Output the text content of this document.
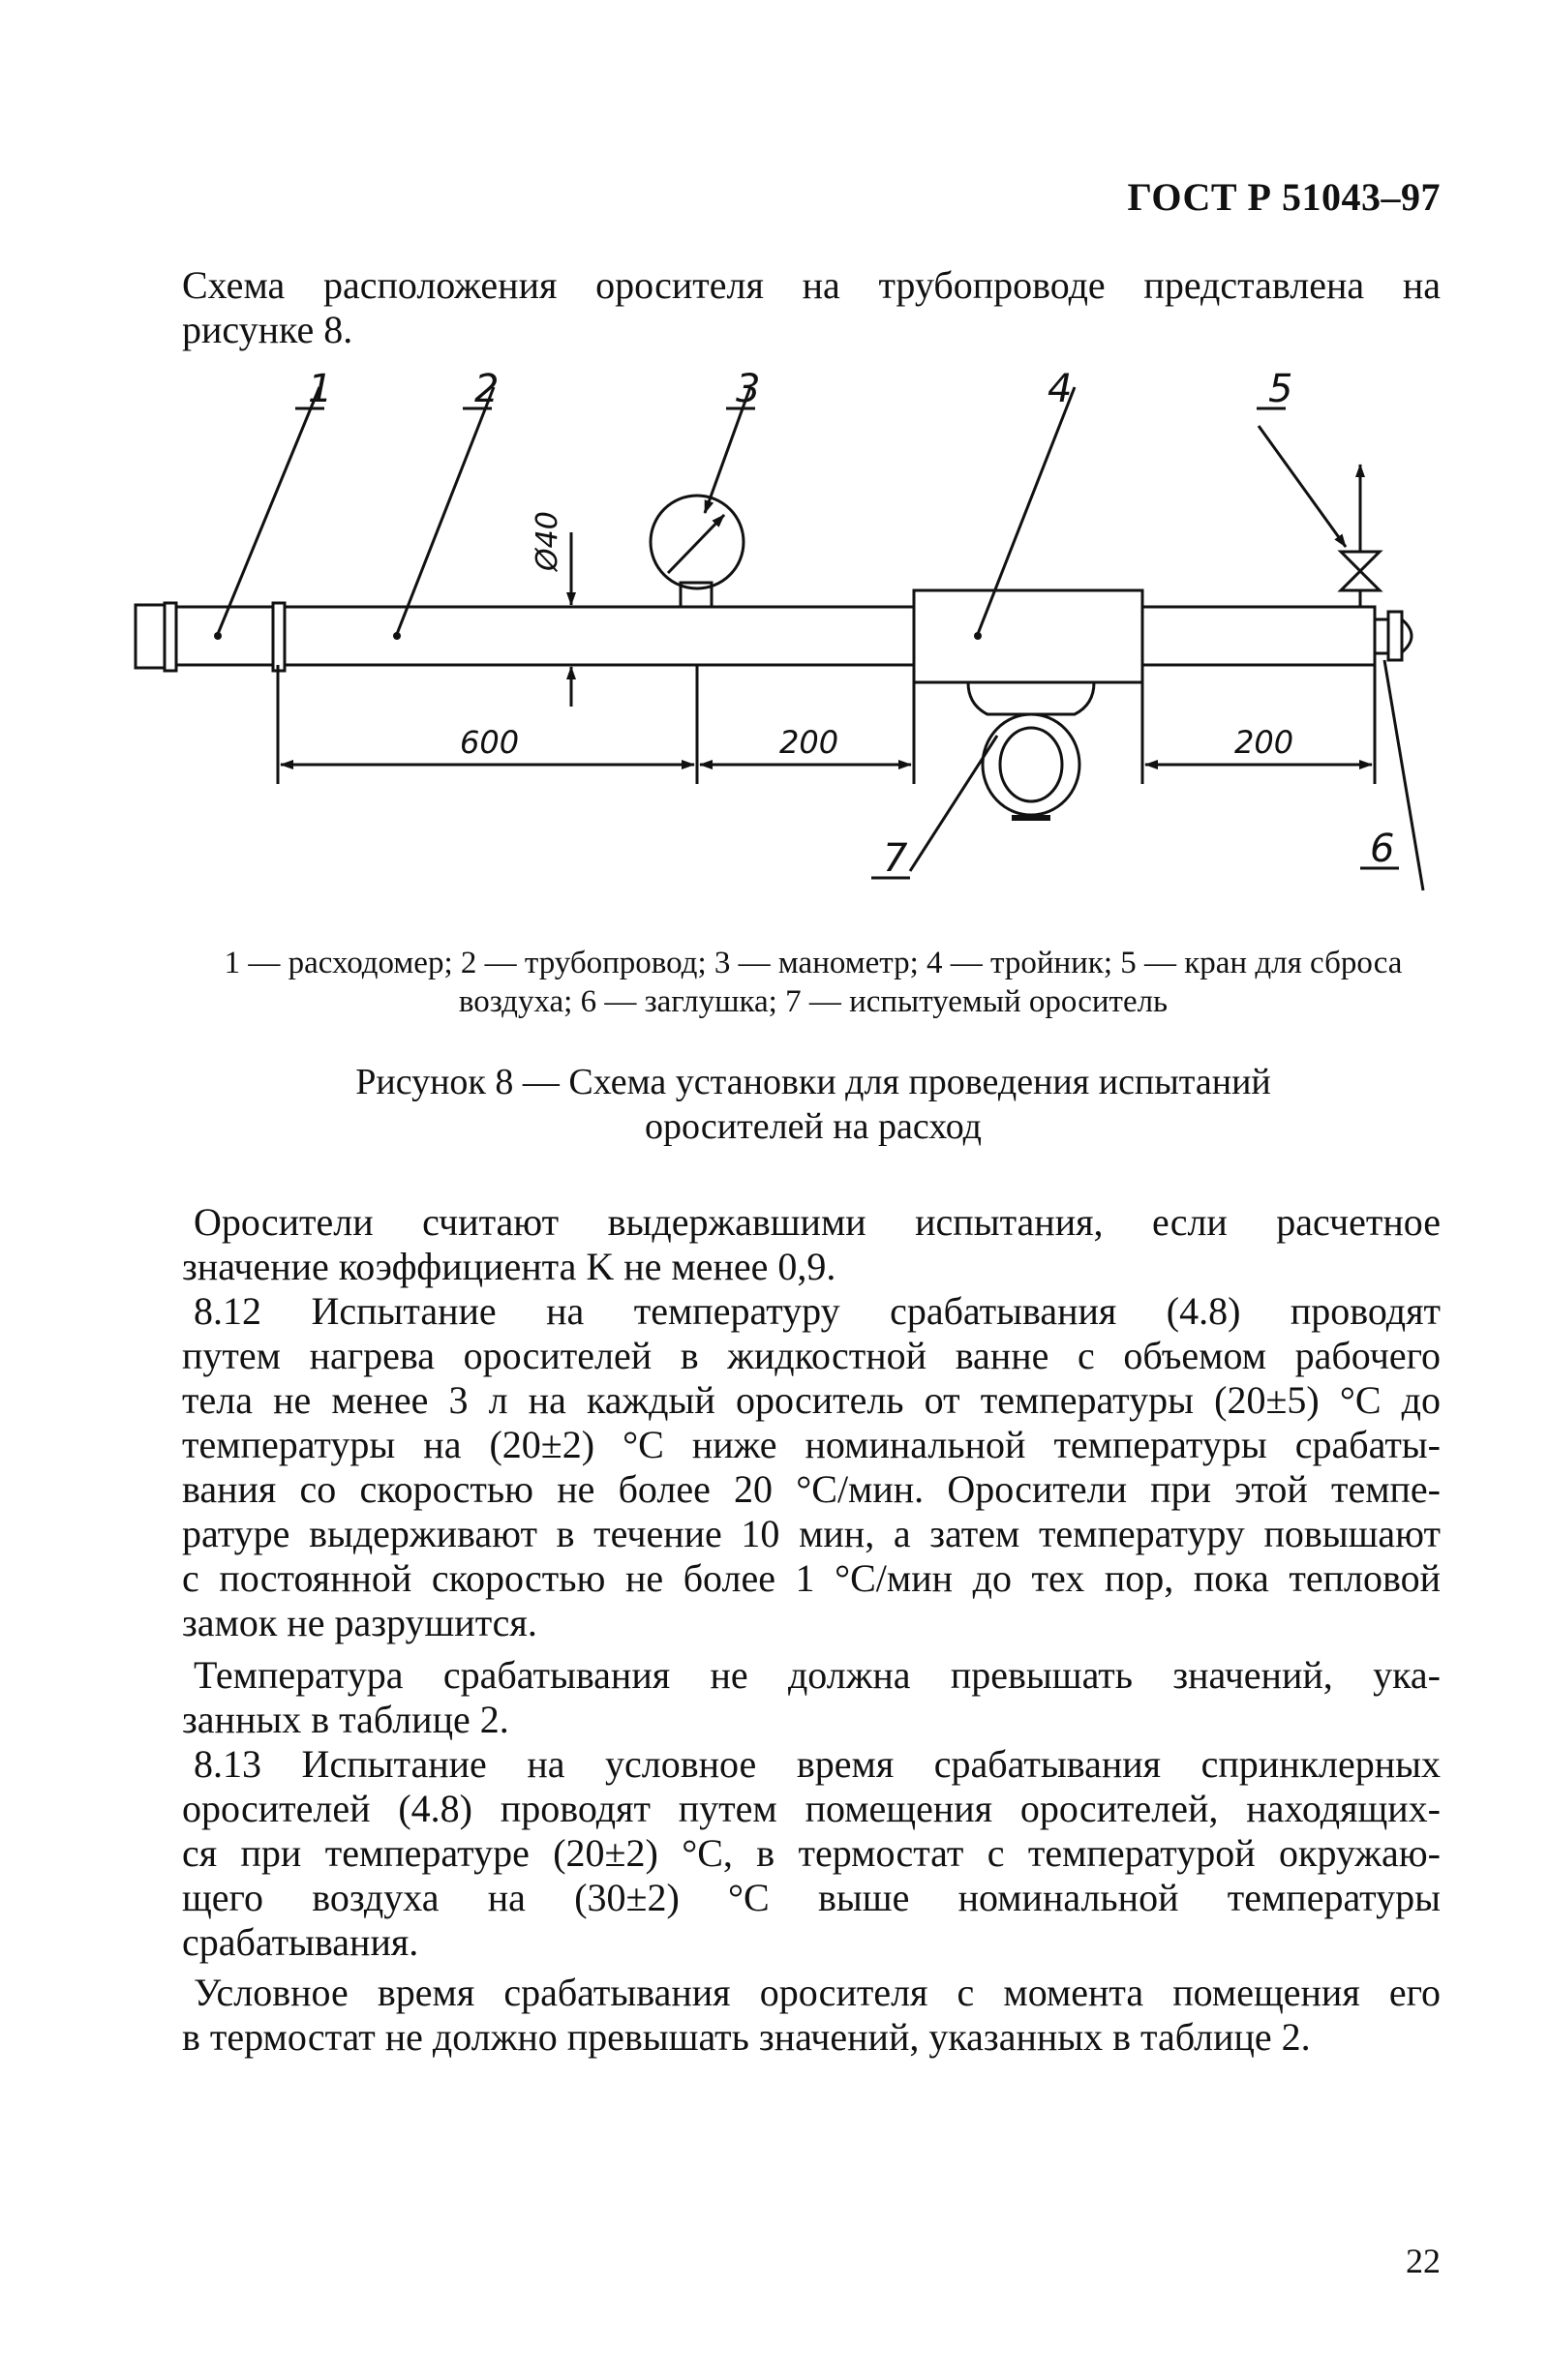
ГОСТ Р 51043–97
Схема расположения оросителя на трубопроводе представлена на
рисунке 8.
1	2	3	4	5
6
7
Ø40
600	200	200
1 — расходомер; 2 — трубопровод; 3 — манометр; 4 — тройник; 5 — кран для сброса
воздуха; 6 — заглушка; 7 — испытуемый ороситель
Рисунок 8 — Схема установки для проведения испытаний
оросителей на расход
Оросители считают выдержавшими испытания, если расчетное
значение коэффициента K не менее 0,9.
8.12 Испытание на температуру срабатывания (4.8) проводят
путем нагрева оросителей в жидкостной ванне с объемом рабочего
тела не менее 3 л на каждый ороситель от температуры (20±5) °С до
температуры на (20±2) °С ниже номинальной температуры срабаты-
вания со скоростью не более 20 °С/мин. Оросители при этой темпе-
ратуре выдерживают в течение 10 мин, а затем температуру повышают
с постоянной скоростью не более 1 °С/мин до тех пор, пока тепловой
замок не разрушится.
Температура срабатывания не должна превышать значений, ука-
занных в таблице 2.
8.13 Испытание на условное время срабатывания спринклерных
оросителей (4.8) проводят путем помещения оросителей, находящих-
ся при температуре (20±2) °С, в термостат с температурой окружаю-
щего воздуха на (30±2) °С выше номинальной температуры
срабатывания.
Условное время срабатывания оросителя с момента помещения его
в термостат не должно превышать значений, указанных в таблице 2.
22
